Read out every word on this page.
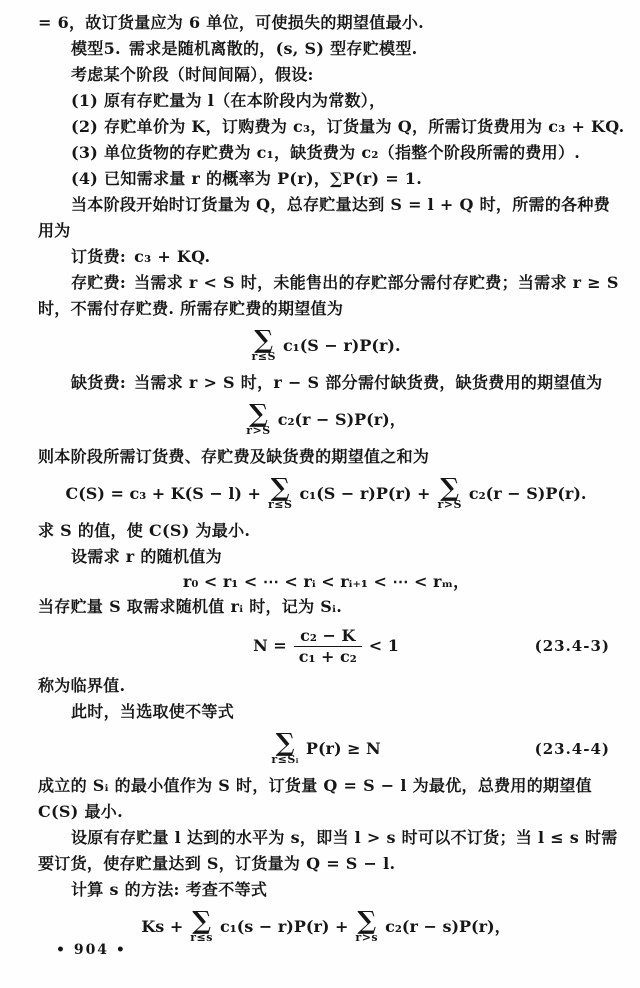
= 6，故订货量应为 6 单位，可使损失的期望值最小.

模型5. 需求是随机离散的，(s, S) 型存贮模型.

考虑某个阶段（时间间隔），假设:

(1) 原有存贮量为 l（在本阶段内为常数），

(2) 存贮单价为 K，订购费为 c₃，订货量为 Q，所需订货费用为 c₃ + KQ.

(3) 单位货物的存贮费为 c₁，缺货费为 c₂（指整个阶段所需的费用）.

(4) 已知需求量 r 的概率为 P(r)，∑P(r) = 1.

当本阶段开始时订货量为 Q，总存贮量达到 S = l + Q 时，所需的各种费

用为

订货费: c₃ + KQ.

存贮费: 当需求 r < S 时，未能售出的存贮部分需付存贮费；当需求 r ≥ S

时，不需付存贮费. 所需存贮费的期望值为

∑
r≤S
c₁(S − r)P(r).

缺货费: 当需求 r > S 时，r − S 部分需付缺货费，缺货费用的期望值为

∑
r>S
c₂(r − S)P(r)，

则本阶段所需订货费、存贮费及缺货费的期望值之和为

C(S) = c₃ + K(S − l) + ∑
r≤S
c₁(S − r)P(r) + ∑
r>S
c₂(r − S)P(r).

求 S 的值，使 C(S) 为最小.

设需求 r 的随机值为

r₀ < r₁ < ⋯ < rᵢ < rᵢ₊₁ < ⋯ < rₘ，

当存贮量 S 取需求随机值 rᵢ 时，记为 Sᵢ.

$N = \frac{\text{c₂ − K}}{\text{c₁ + c₂}} < 1$	(23.4-3)

称为临界值.

此时，当选取使不等式

∑
r≤Sᵢ
P(r) ≥ N	(23.4-4)

成立的 Sᵢ 的最小值作为 S 时，订货量 Q = S − l 为最优，总费用的期望值

C(S) 最小.

设原有存贮量 l 达到的水平为 s，即当 l > s 时可以不订货；当 l ≤ s 时需

要订货，使存贮量达到 S，订货量为 Q = S − l.

计算 s 的方法: 考查不等式

Ks + ∑
r≤s
c₁(s − r)P(r) + ∑
r>s
c₂(r − s)P(r)，
• 904 •
